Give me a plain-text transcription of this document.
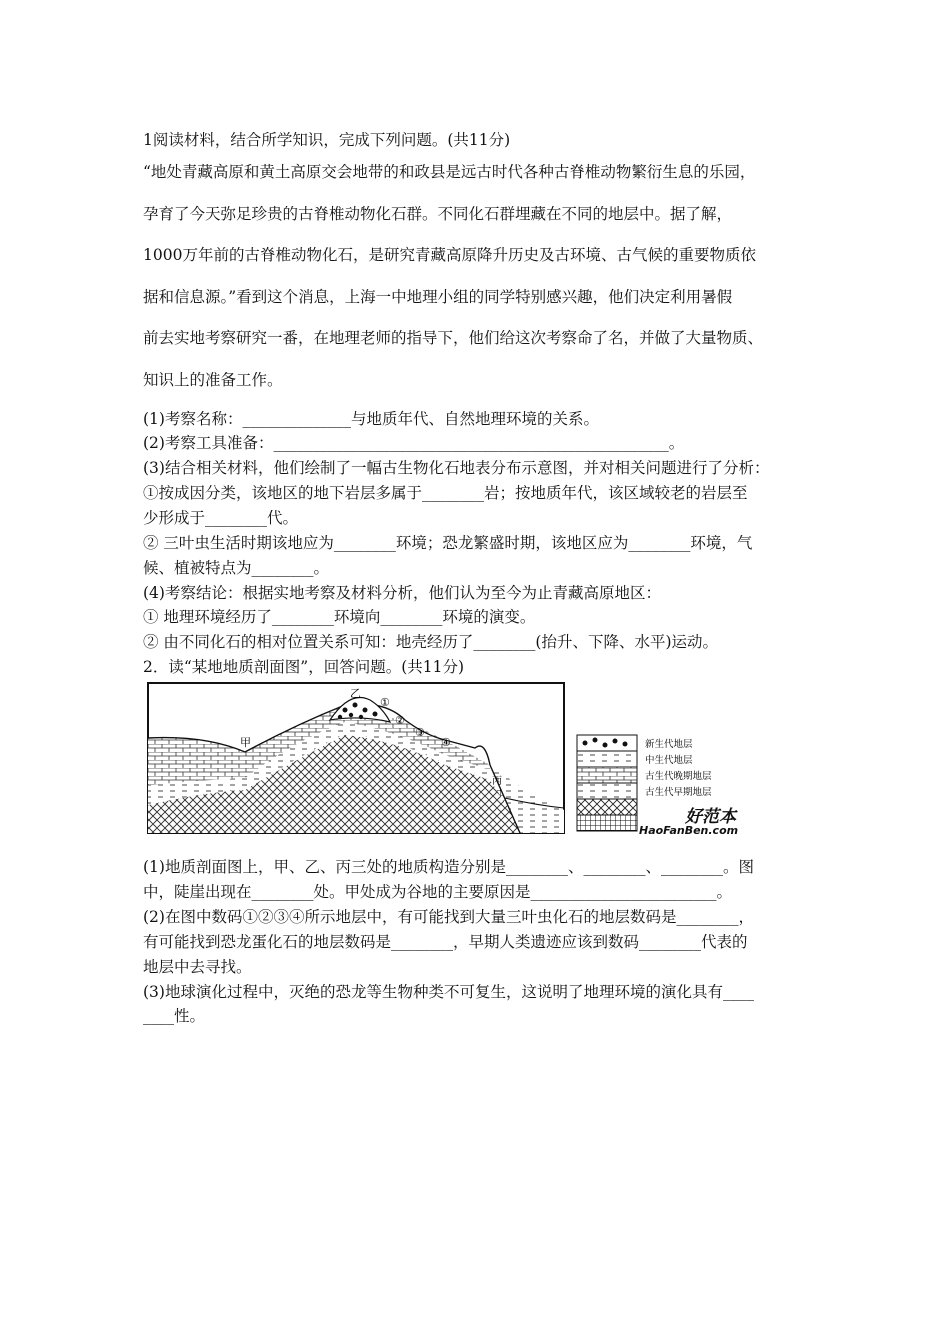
1阅读材料，结合所学知识，完成下列问题。(共11分)
“地处青藏高原和黄土高原交会地带的和政县是远古时代各种古脊椎动物繁衍生息的乐园，
孕育了今天弥足珍贵的古脊椎动物化石群。不同化石群埋藏在不同的地层中。据了解，
1000万年前的古脊椎动物化石，是研究青藏高原降升历史及古环境、古气候的重要物质依
据和信息源。”看到这个消息，上海一中地理小组的同学特别感兴趣，他们决定利用暑假
前去实地考察研究一番，在地理老师的指导下，他们给这次考察命了名，并做了大量物质、
知识上的准备工作。
(1)考察名称：______________与地质年代、自然地理环境的关系。
(2)考察工具准备：___________________________________________________。
(3)结合相关材料，他们绘制了一幅古生物化石地表分布示意图，并对相关问题进行了分析：
①按成因分类，该地区的地下岩层多属于________岩；按地质年代，该区域较老的岩层至
少形成于________代。
② 三叶虫生活时期该地应为________环境；恐龙繁盛时期，该地区应为________环境，气
候、植被特点为________。
(4)考察结论：根据实地考察及材料分析，他们认为至今为止青藏高原地区：
① 地理环境经历了________环境向________环境的演变。
② 由不同化石的相对位置关系可知：地壳经历了________(抬升、下降、水平)运动。
2．读“某地地质剖面图”，回答问题。(共11分)
甲
乙
丙
①
②
③
④	新生代地层
中生代地层
古生代晚期地层
古生代早期地层
好范本
HaoFanBen.com
(1)地质剖面图上，甲、乙、丙三处的地质构造分别是________、________、________。图
中，陡崖出现在________处。甲处成为谷地的主要原因是________________________。
(2)在图中数码①②③④所示地层中，有可能找到大量三叶虫化石的地层数码是________，
有可能找到恐龙蛋化石的地层数码是________，早期人类遗迹应该到数码________代表的
地层中去寻找。
(3)地球演化过程中，灭绝的恐龙等生物种类不可复生，这说明了地理环境的演化具有____
____性。
